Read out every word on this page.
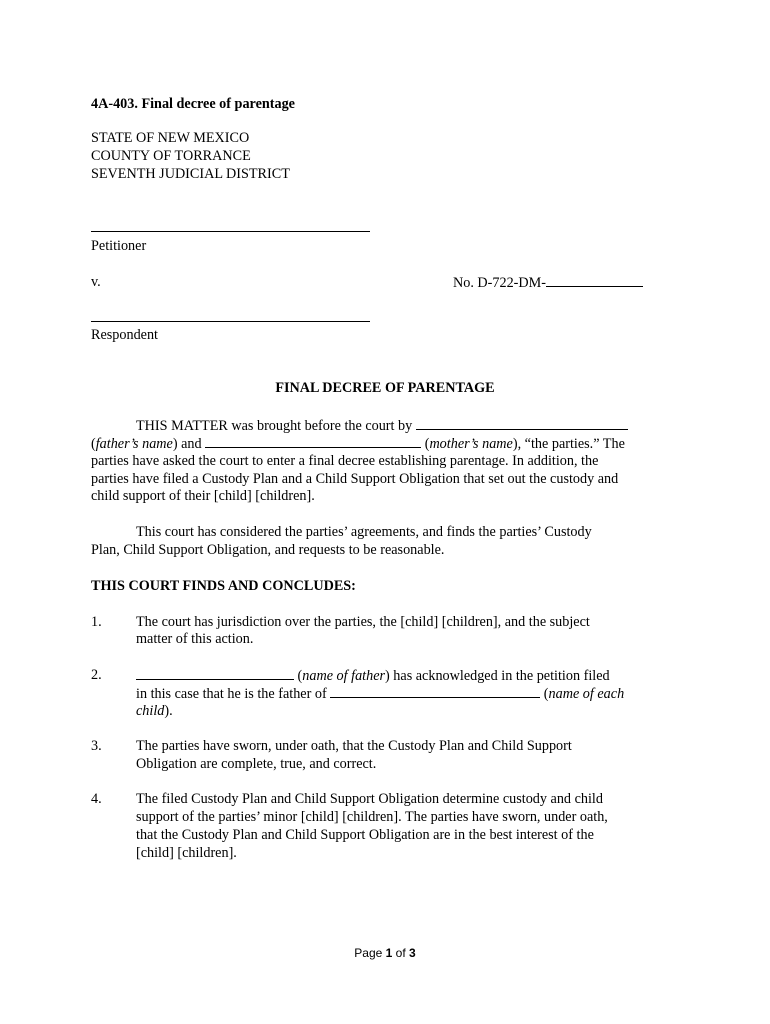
4A-403. Final decree of parentage
STATE OF NEW MEXICO
COUNTY OF TORRANCE
SEVENTH JUDICIAL DISTRICT
Petitioner
v.	No. D-722-DM-
Respondent
FINAL DECREE OF PARENTAGE
THIS MATTER was brought before the court by
(father’s name) and	(mother’s name), “the parties.” The
parties have asked the court to enter a final decree establishing parentage. In addition, the
parties have filed a Custody Plan and a Child Support Obligation that set out the custody and
child support of their [child] [children].
This court has considered the parties’ agreements, and finds the parties’ Custody
Plan, Child Support Obligation, and requests to be reasonable.
THIS COURT FINDS AND CONCLUDES:
1. The court has jurisdiction over the parties, the [child] [children], and the subject
matter of this action.
2.	(name of father) has acknowledged in the petition filed
in this case that he is the father of	(name of each
child).
3. The parties have sworn, under oath, that the Custody Plan and Child Support
Obligation are complete, true, and correct.
4. The filed Custody Plan and Child Support Obligation determine custody and child
support of the parties’ minor [child] [children]. The parties have sworn, under oath,
that the Custody Plan and Child Support Obligation are in the best interest of the
[child] [children].
Page 1 of 3
